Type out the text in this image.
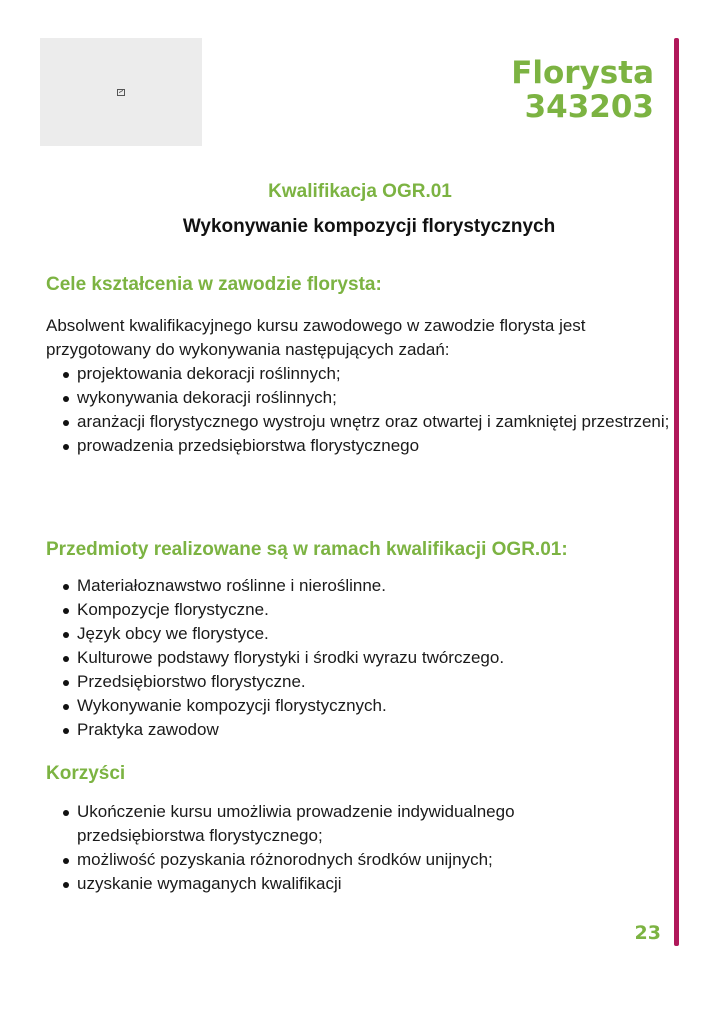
Florysta
343203
Kwalifikacja OGR.01
Wykonywanie kompozycji florystycznych
Cele kształcenia w zawodzie florysta:

Absolwent kwalifikacyjnego kursu zawodowego w zawodzie florysta jest przygotowany do wykonywania następujących zadań:

projektowania dekoracji roślinnych;
wykonywania dekoracji roślinnych;
aranżacji florystycznego wystroju wnętrz oraz otwartej i zamkniętej przestrzeni;
prowadzenia przedsiębiorstwa florystycznego
Przedmioty realizowane są w ramach kwalifikacji OGR.01:
Materiałoznawstwo roślinne i nieroślinne.
Kompozycje florystyczne.
Język obcy we florystyce.
Kulturowe podstawy florystyki i środki wyrazu twórczego.
Przedsiębiorstwo florystyczne.
Wykonywanie kompozycji florystycznych.
Praktyka zawodow
Korzyści
Ukończenie kursu umożliwia prowadzenie indywidualnego przedsiębiorstwa florystycznego;
możliwość pozyskania różnorodnych środków unijnych;
uzyskanie wymaganych kwalifikacji
23
